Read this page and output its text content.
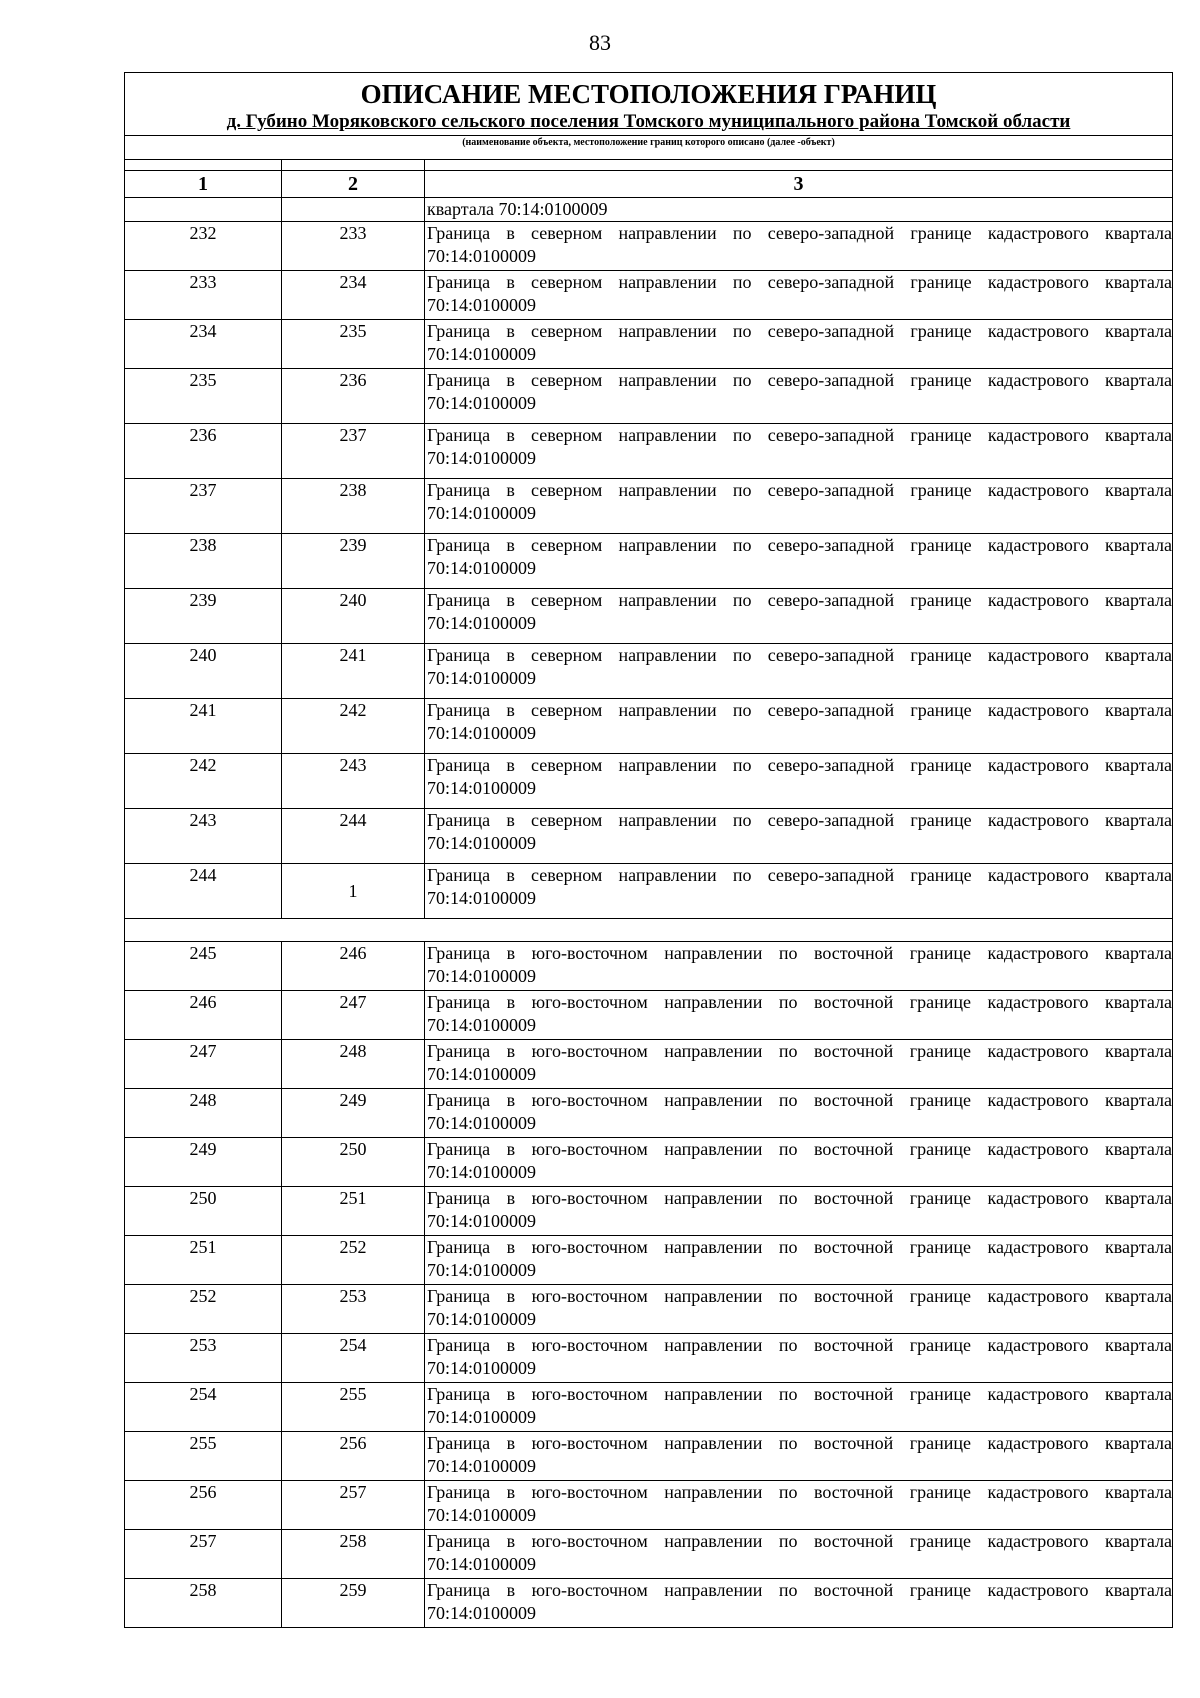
83
ОПИСАНИЕ МЕСТОПОЛОЖЕНИЯ ГРАНИЦ
д. Губино Моряковского сельского поселения Томского муниципального района Томской области
(наименование объекта, местоположение границ которого описано (далее -объект)		

1	2	3
		квартала 70:14:0100009
232	233	Граница в северном направлении по северо-западной границе кадастрового квартала
70:14:0100009

233	234	Граница в северном направлении по северо-западной границе кадастрового квартала
70:14:0100009

234	235	Граница в северном направлении по северо-западной границе кадастрового квартала
70:14:0100009

235	236	Граница в северном направлении по северо-западной границе кадастрового квартала
70:14:0100009

236	237	Граница в северном направлении по северо-западной границе кадастрового квартала
70:14:0100009

237	238	Граница в северном направлении по северо-западной границе кадастрового квартала
70:14:0100009

238	239	Граница в северном направлении по северо-западной границе кадастрового квартала
70:14:0100009

239	240	Граница в северном направлении по северо-западной границе кадастрового квартала
70:14:0100009

240	241	Граница в северном направлении по северо-западной границе кадастрового квартала
70:14:0100009

241	242	Граница в северном направлении по северо-западной границе кадастрового квартала
70:14:0100009

242	243	Граница в северном направлении по северо-западной границе кадастрового квартала
70:14:0100009

243	244	Граница в северном направлении по северо-западной границе кадастрового квартала
70:14:0100009

244	1	Граница в северном направлении по северо-западной границе кадастрового квартала
70:14:0100009

245	246	Граница в юго-восточном направлении по восточной границе кадастрового квартала
70:14:0100009

246	247	Граница в юго-восточном направлении по восточной границе кадастрового квартала
70:14:0100009

247	248	Граница в юго-восточном направлении по восточной границе кадастрового квартала
70:14:0100009

248	249	Граница в юго-восточном направлении по восточной границе кадастрового квартала
70:14:0100009

249	250	Граница в юго-восточном направлении по восточной границе кадастрового квартала
70:14:0100009

250	251	Граница в юго-восточном направлении по восточной границе кадастрового квартала
70:14:0100009

251	252	Граница в юго-восточном направлении по восточной границе кадастрового квартала
70:14:0100009

252	253	Граница в юго-восточном направлении по восточной границе кадастрового квартала
70:14:0100009

253	254	Граница в юго-восточном направлении по восточной границе кадастрового квартала
70:14:0100009

254	255	Граница в юго-восточном направлении по восточной границе кадастрового квартала
70:14:0100009

255	256	Граница в юго-восточном направлении по восточной границе кадастрового квартала
70:14:0100009

256	257	Граница в юго-восточном направлении по восточной границе кадастрового квартала
70:14:0100009

257	258	Граница в юго-восточном направлении по восточной границе кадастрового квартала
70:14:0100009

258	259	Граница в юго-восточном направлении по восточной границе кадастрового квартала
70:14:0100009
